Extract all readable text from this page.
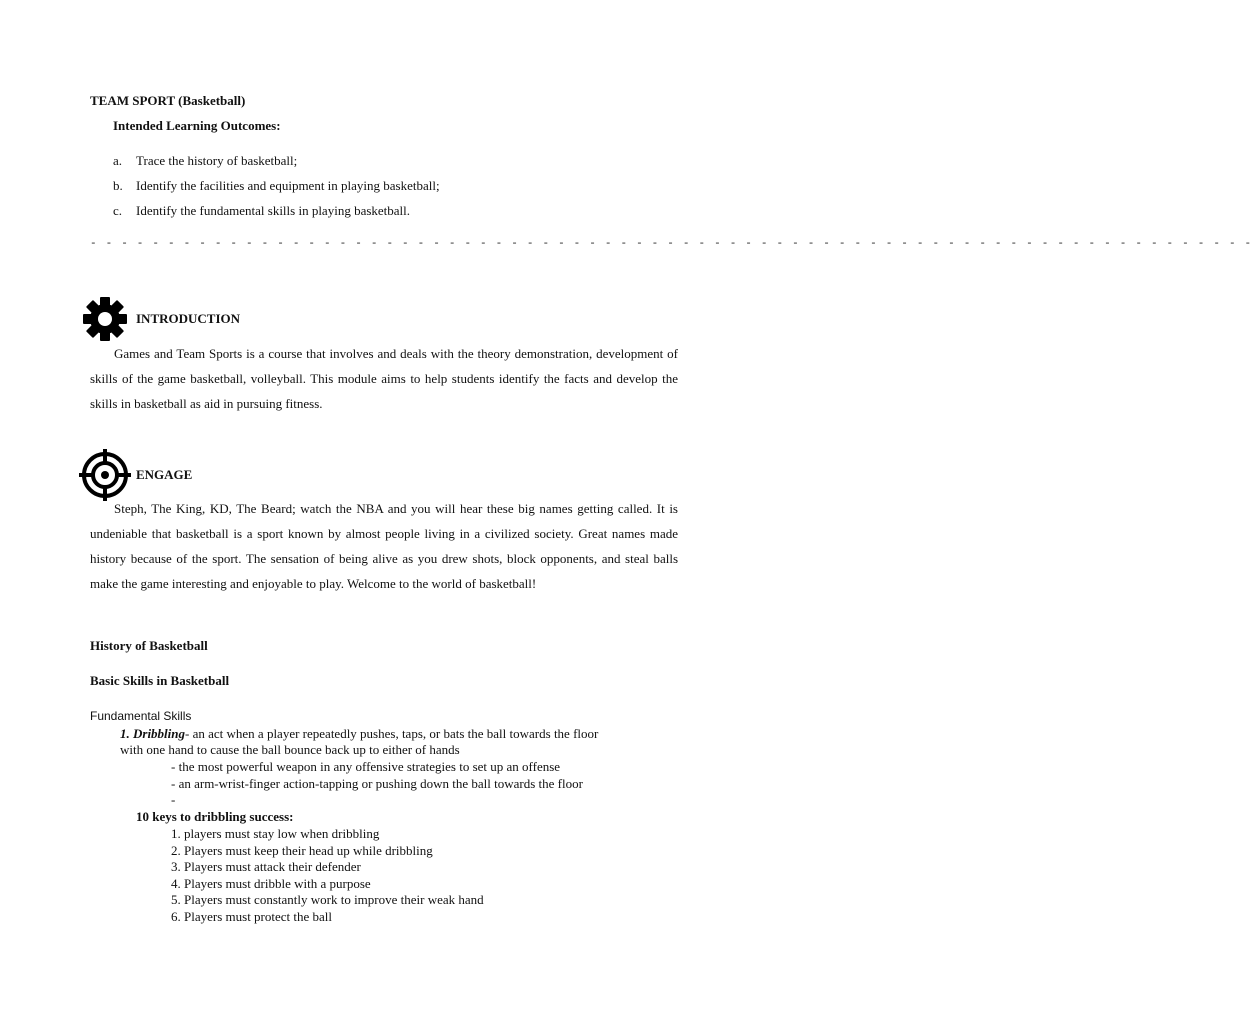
TEAM SPORT (Basketball)
Intended Learning Outcomes:
a. Trace the history of basketball;
b. Identify the facilities and equipment in playing basketball;
c. Identify the fundamental skills in playing basketball.
- - - - - - - - - - - - - - - - - - - - - - - - - - - - - - - - - - - - - - - - - - - - - - - - - - - - - - - - - - - - - - - - - - - - - - - - - - -
INTRODUCTION
Games and Team Sports is a course that involves and deals with the theory demonstration, development of skills of the game basketball, volleyball. This module aims to help students identify the facts and develop the skills in basketball as aid in pursuing fitness.
ENGAGE
Steph, The King, KD, The Beard; watch the NBA and you will hear these big names getting called. It is undeniable that basketball is a sport known by almost people living in a civilized society. Great names made history because of the sport. The sensation of being alive as you drew shots, block opponents, and steal balls make the game interesting and enjoyable to play. Welcome to the world of basketball!
History of Basketball
Basic Skills in Basketball
Fundamental Skills
1. Dribbling- an act when a player repeatedly pushes, taps, or bats the ball towards the floor
with one hand to cause the ball bounce back up to either of hands
- the most powerful weapon in any offensive strategies to set up an offense
- an arm-wrist-finger action-tapping or pushing down the ball towards the floor
-
10 keys to dribbling success:
1. players must stay low when dribbling
2. Players must keep their head up while dribbling
3. Players must attack their defender
4. Players must dribble with a purpose
5. Players must constantly work to improve their weak hand
6. Players must protect the ball
